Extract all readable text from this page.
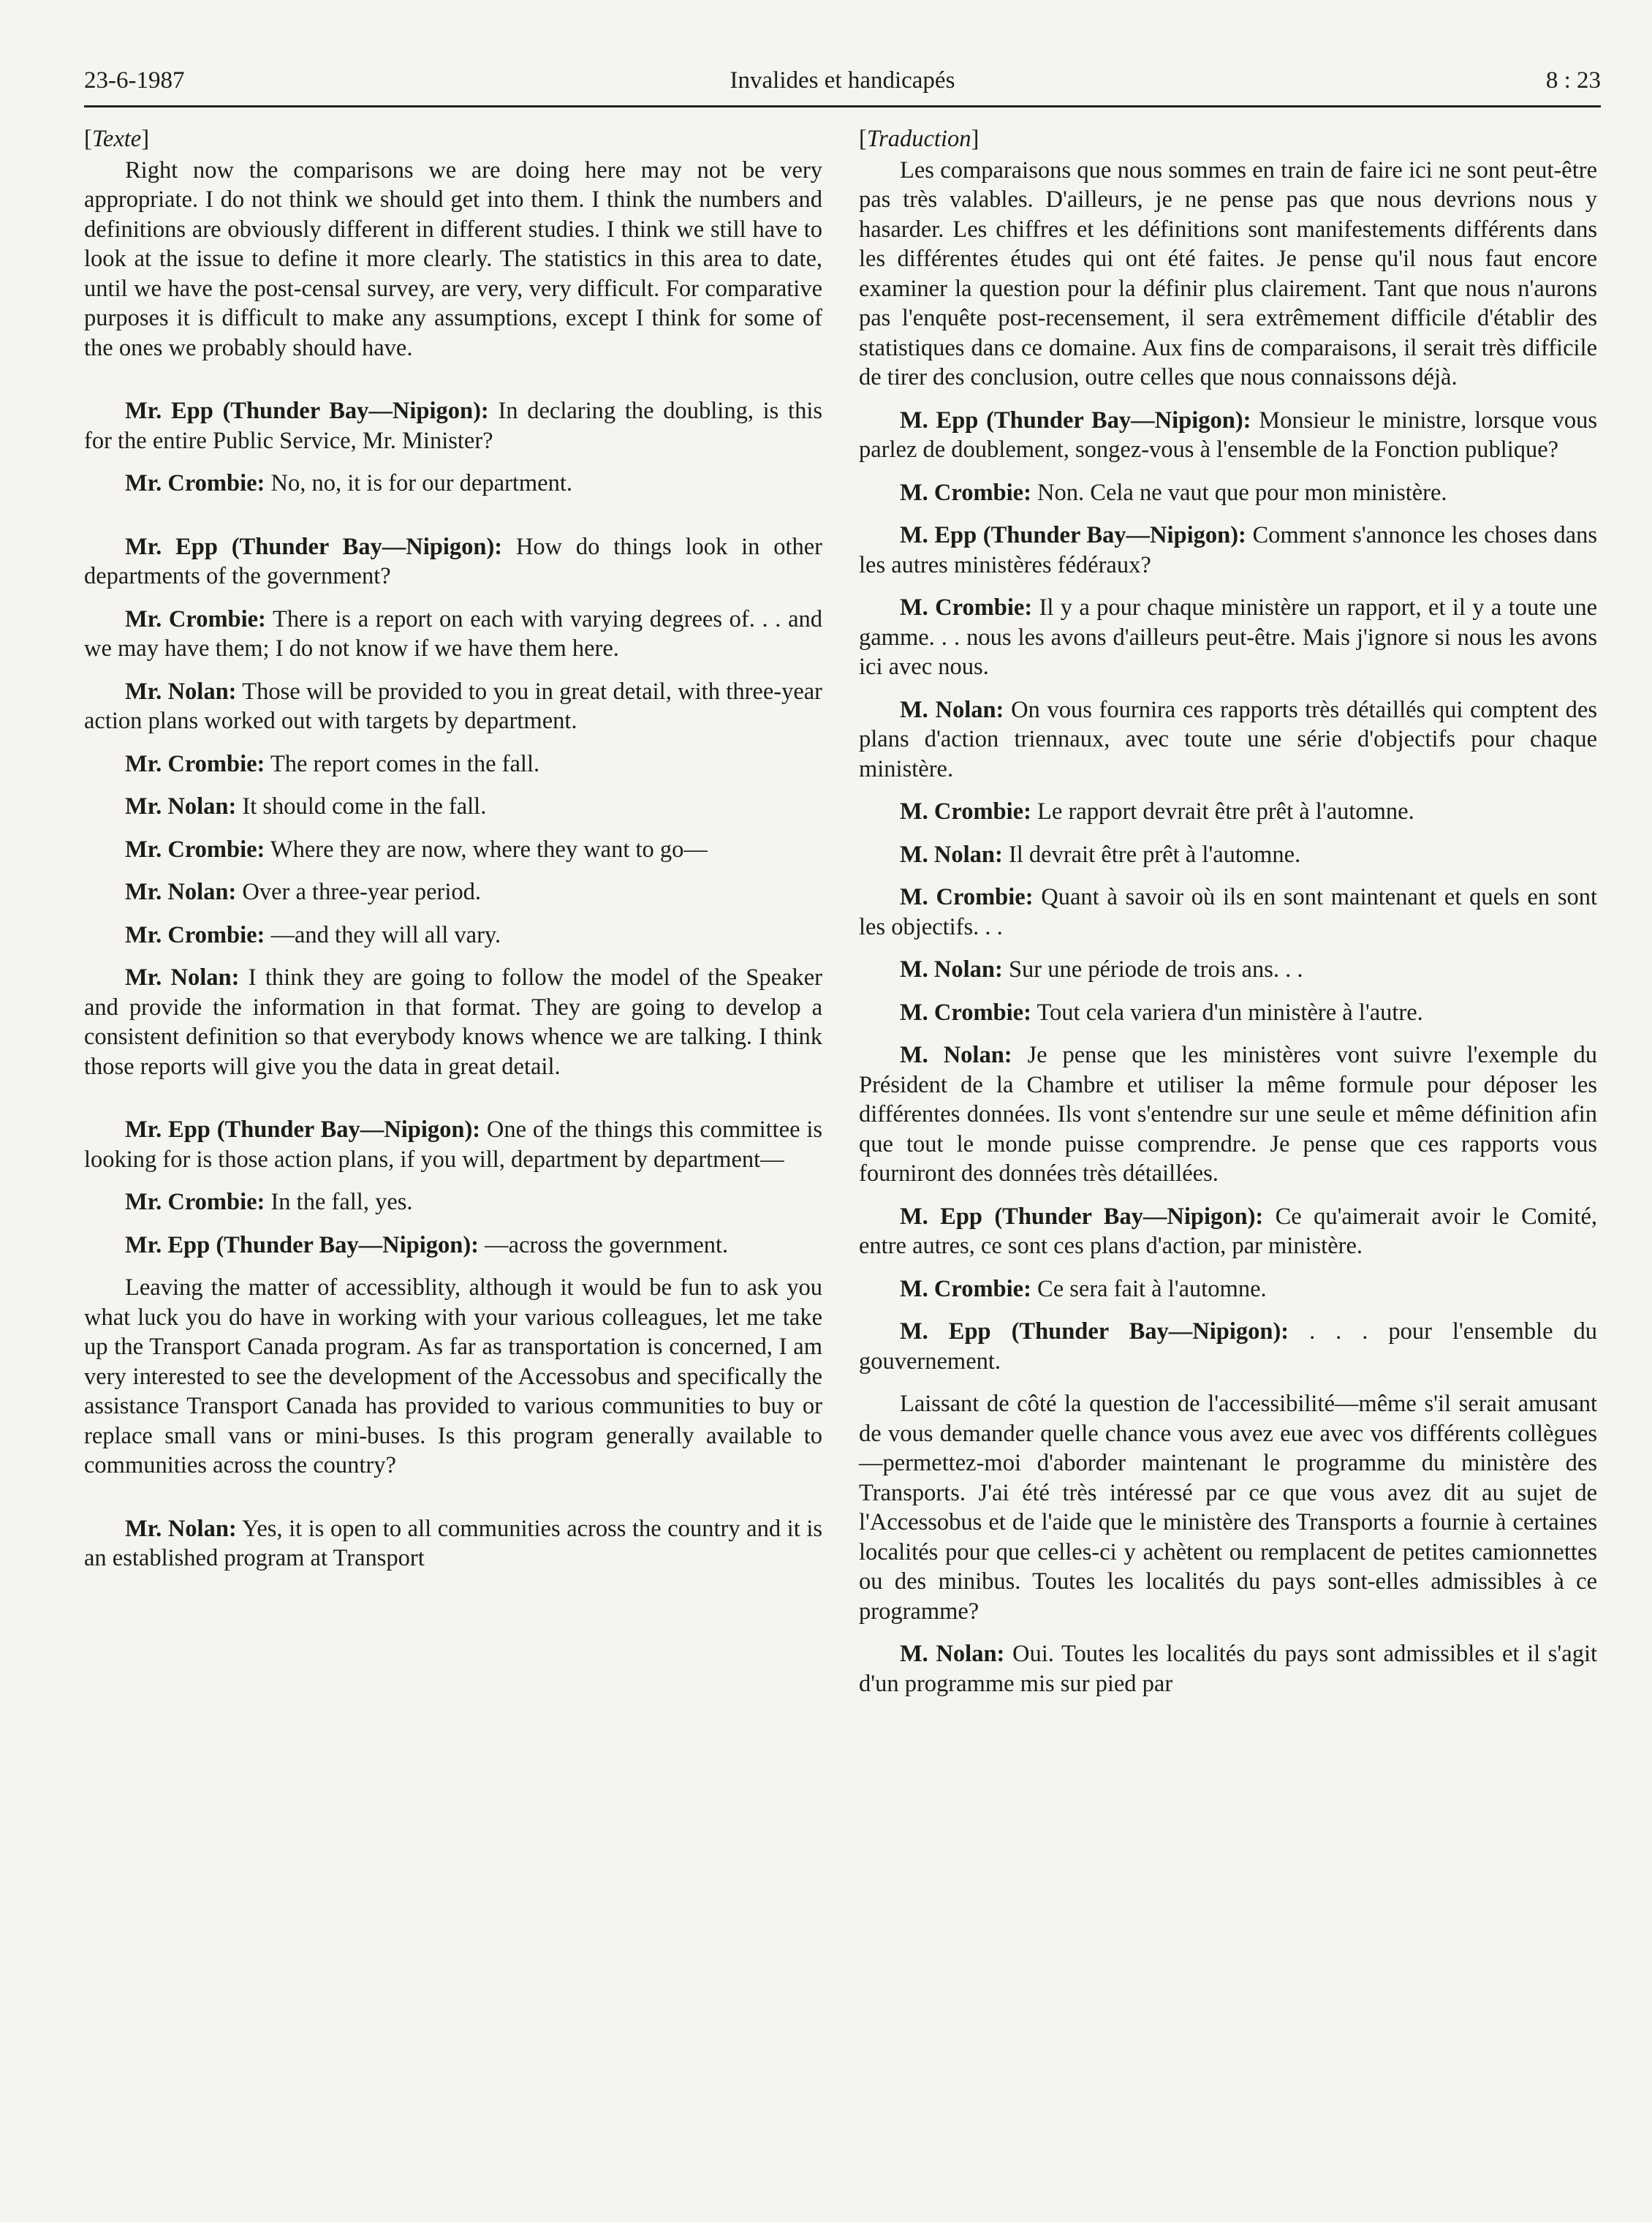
23-6-1987	Invalides et handicapés	8 : 23
[Texte]

Right now the comparisons we are doing here may not be very appropriate. I do not think we should get into them. I think the numbers and definitions are obviously different in different studies. I think we still have to look at the issue to define it more clearly. The statistics in this area to date, until we have the post-censal survey, are very, very difficult. For comparative purposes it is difficult to make any assumptions, except I think for some of the ones we probably should have.

Mr. Epp (Thunder Bay—Nipigon): In declaring the doubling, is this for the entire Public Service, Mr. Minister?

Mr. Crombie: No, no, it is for our department.

Mr. Epp (Thunder Bay—Nipigon): How do things look in other departments of the government?

Mr. Crombie: There is a report on each with varying degrees of. . . and we may have them; I do not know if we have them here.

Mr. Nolan: Those will be provided to you in great detail, with three-year action plans worked out with targets by department.

Mr. Crombie: The report comes in the fall.

Mr. Nolan: It should come in the fall.

Mr. Crombie: Where they are now, where they want to go—

Mr. Nolan: Over a three-year period.

Mr. Crombie: —and they will all vary.

Mr. Nolan: I think they are going to follow the model of the Speaker and provide the information in that format. They are going to develop a consistent definition so that everybody knows whence we are talking. I think those reports will give you the data in great detail.

Mr. Epp (Thunder Bay—Nipigon): One of the things this committee is looking for is those action plans, if you will, department by department—

Mr. Crombie: In the fall, yes.

Mr. Epp (Thunder Bay—Nipigon): —across the government.

Leaving the matter of accessiblity, although it would be fun to ask you what luck you do have in working with your various colleagues, let me take up the Transport Canada program. As far as transportation is concerned, I am very interested to see the development of the Accessobus and specifically the assistance Transport Canada has provided to various communities to buy or replace small vans or mini-buses. Is this program generally available to communities across the country?

Mr. Nolan: Yes, it is open to all communities across the country and it is an established program at Transport

[Traduction]

Les comparaisons que nous sommes en train de faire ici ne sont peut-être pas très valables. D'ailleurs, je ne pense pas que nous devrions nous y hasarder. Les chiffres et les définitions sont manifestements différents dans les différentes études qui ont été faites. Je pense qu'il nous faut encore examiner la question pour la définir plus clairement. Tant que nous n'aurons pas l'enquête post-recensement, il sera extrêmement difficile d'établir des statistiques dans ce domaine. Aux fins de comparaisons, il serait très difficile de tirer des conclusion, outre celles que nous connaissons déjà.

M. Epp (Thunder Bay—Nipigon): Monsieur le ministre, lorsque vous parlez de doublement, songez-vous à l'ensemble de la Fonction publique?

M. Crombie: Non. Cela ne vaut que pour mon ministère.

M. Epp (Thunder Bay—Nipigon): Comment s'annonce les choses dans les autres ministères fédéraux?

M. Crombie: Il y a pour chaque ministère un rapport, et il y a toute une gamme. . . nous les avons d'ailleurs peut-être. Mais j'ignore si nous les avons ici avec nous.

M. Nolan: On vous fournira ces rapports très détaillés qui comptent des plans d'action triennaux, avec toute une série d'objectifs pour chaque ministère.

M. Crombie: Le rapport devrait être prêt à l'automne.

M. Nolan: Il devrait être prêt à l'automne.

M. Crombie: Quant à savoir où ils en sont maintenant et quels en sont les objectifs. . .

M. Nolan: Sur une période de trois ans. . .

M. Crombie: Tout cela variera d'un ministère à l'autre.

M. Nolan: Je pense que les ministères vont suivre l'exemple du Président de la Chambre et utiliser la même formule pour déposer les différentes données. Ils vont s'entendre sur une seule et même définition afin que tout le monde puisse comprendre. Je pense que ces rapports vous fourniront des données très détaillées.

M. Epp (Thunder Bay—Nipigon): Ce qu'aimerait avoir le Comité, entre autres, ce sont ces plans d'action, par ministère.

M. Crombie: Ce sera fait à l'automne.

M. Epp (Thunder Bay—Nipigon): . . . pour l'ensemble du gouvernement.

Laissant de côté la question de l'accessibilité—même s'il serait amusant de vous demander quelle chance vous avez eue avec vos différents collègues—permettez-moi d'aborder maintenant le programme du ministère des Transports. J'ai été très intéressé par ce que vous avez dit au sujet de l'Accessobus et de l'aide que le ministère des Transports a fournie à certaines localités pour que celles-ci y achètent ou remplacent de petites camionnettes ou des minibus. Toutes les localités du pays sont-elles admissibles à ce programme?

M. Nolan: Oui. Toutes les localités du pays sont admissibles et il s'agit d'un programme mis sur pied par
